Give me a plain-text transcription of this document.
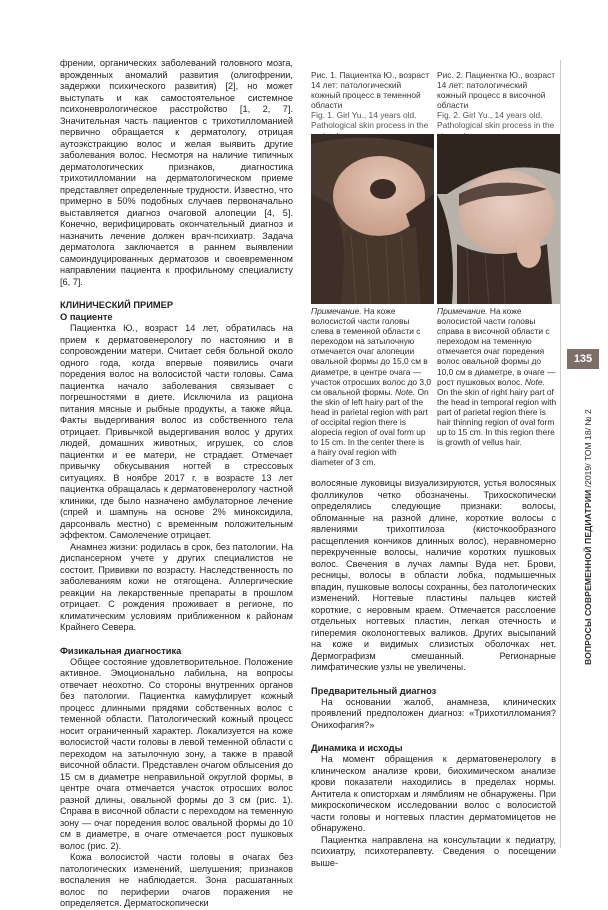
френии, органических заболеваний головного мозга, врожденных аномалий развития (олигофрении, задержки психического развития) [2], но может выступать и как самостоятельное системное психоневрологическое расстройство [1, 2, 7]. Значительная часть пациентов с трихотилломанией первично обращается к дерматологу, отрицая аутоэкстракцию волос и желая выявить другие заболевания волос. Несмотря на наличие типичных дерматологических признаков, диагностика трихотилломании на дерматологическом приеме представляет определенные трудности. Известно, что примерно в 50% подобных случаев первоначально выставляется диагноз очаговой алопеции [4, 5]. Конечно, верифицировать окончательный диагноз и назначить лечение должен врач-психиатр. Задача дерматолога заключается в раннем выявлении самоиндуцированных дерматозов и своевременном направлении пациента к профильному специалисту [6, 7].

КЛИНИЧЕСКИЙ ПРИМЕР
О пациенте

Пациентка Ю., возраст 14 лет, обратилась на прием к дерматовенерологу по настоянию и в сопровождении матери. Считает себя больной около одного года, когда впервые появились очаги поредения волос на волосистой части головы. Сама пациентка начало заболевания связывает с погрешностями в диете. Исключила из рациона питания мясные и рыбные продукты, а также яйца. Факты выдергивания волос из собственного тела отрицает. Привычкой выдергивания волос у других людей, домашних животных, игрушек, со слов пациентки и ее матери, не страдает. Отмечает привычку обкусывания ногтей в стрессовых ситуациях. В ноябре 2017 г. в возрасте 13 лет пациентка обращалась к дерматовенерологу частной клиники, где было назначено амбулаторное лечение (спрей и шампунь на основе 2% миноксидила, дарсонваль местно) с временным положительным эффектом. Самолечение отрицает.

Анамнез жизни: родилась в срок, без патологии. На диспансерном учете у других специалистов не состоит. Прививки по возрасту. Наследственность по заболеваниям кожи не отягощена. Аллергические реакции на лекарственные препараты в прошлом отрицает. С рождения проживает в регионе, по климатическим условиям приближенном к районам Крайнего Севера.

Физикальная диагностика

Общее состояние удовлетворительное. Положение активное. Эмоционально лабильна, на вопросы отвечает неохотно. Со стороны внутренних органов без патологии. Пациентка камуфлирует кожный процесс длинными прядями собственных волос с теменной области. Патологический кожный процесс носит ограниченный характер. Локализуется на коже волосистой части головы в левой теменной области с переходом на затылочную зону, а также в правой височной области. Представлен очагом облысения до 15 см в диаметре неправильной округлой формы, в центре очага отмечается участок отросших волос разной длины, овальной формы до 3 см (рис. 1). Справа в височной области с переходом на теменную зону — очаг поредения волос овальной формы до 10 см в диаметре, в очаге отмечается рост пушковых волос (рис. 2).

Кожа волосистой части головы в очагах без патологических изменений, шелушения; признаков воспаления не наблюдается. Зона расшатанных волос по периферии очагов поражения не определяется. Дерматоскопически

Рис. 1. Пациентка Ю., возраст 14 лет: патологический кожный процесс в теменной области
Fig. 1. Girl Yu., 14 years old. Pathological skin process in the
Рис. 2. Пациентка Ю., возраст 14 лет: патологический кожный процесс в височной области
Fig. 2. Girl Yu., 14 years old. Pathological skin process in the
Примечание. На коже волосистой части головы слева в теменной области с переходом на затылочную отмечается очаг алопеции овальной формы до 15,0 см в диаметре, в центре очага — участок отросших волос до 3,0 см овальной формы. Note. On the skin of left hairy part of the head in parietal region with part of occipital region there is alopecia region of oval form up to 15 cm. In the center there is a hairy oval region with diameter of 3 cm.
Примечание. На коже волосистой части головы справа в височной области с переходом на теменную отмечается очаг поредения волос овальной формы до 10,0 см в диаметре, в очаге — рост пушковых волос. Note. On the skin of right hairy part of the head in temporal region with part of parietal region there is hair thinning region of oval form up to 15 cm. In this region there is growth of vellus hair.

волосяные луковицы визуализируются, устья волосяных фолликулов четко обозначены. Трихоскопически определялись следующие признаки: волосы, обломанные на разной длине, короткие волосы с явлениями трихоптилоза (кисточкообразного расщепления кончиков длинных волос), неравномерно перекрученные волосы, наличие коротких пушковых волос. Свечения в лучах лампы Вуда нет. Брови, ресницы, волосы в области лобка, подмышечных впадин, пушковые волосы сохранны, без патологических изменений. Ногтевые пластины пальцев кистей короткие, с неровным краем. Отмечается расслоение отдельных ногтевых пластин, легкая отечность и гиперемия околоногтевых валиков. Других высыпаний на коже и видимых слизистых оболочках нет. Дермографизм смешанный. Регионарные лимфатические узлы не увеличены.

Предварительный диагноз

На основании жалоб, анамнеза, клинических проявлений предположен диагноз: «Трихотилломания? Онихофагия?»

Динамика и исходы

На момент обращения к дерматовенерологу в клиническом анализе крови, биохимическом анализе крови показатели находились в пределах нормы. Антитела к описторхам и лямблиям не обнаружены. При микроскопическом исследовании волос с волосистой части головы и ногтевых пластин дерматомицетов не обнаружено.

Пациентка направлена на консультации к педиатру, психиатру, психотерапевту. Сведения о посещении выше-

135
ВОПРОСЫ СОВРЕМЕННОЙ ПЕДИАТРИИ /2019/ ТОМ 18/ № 2
